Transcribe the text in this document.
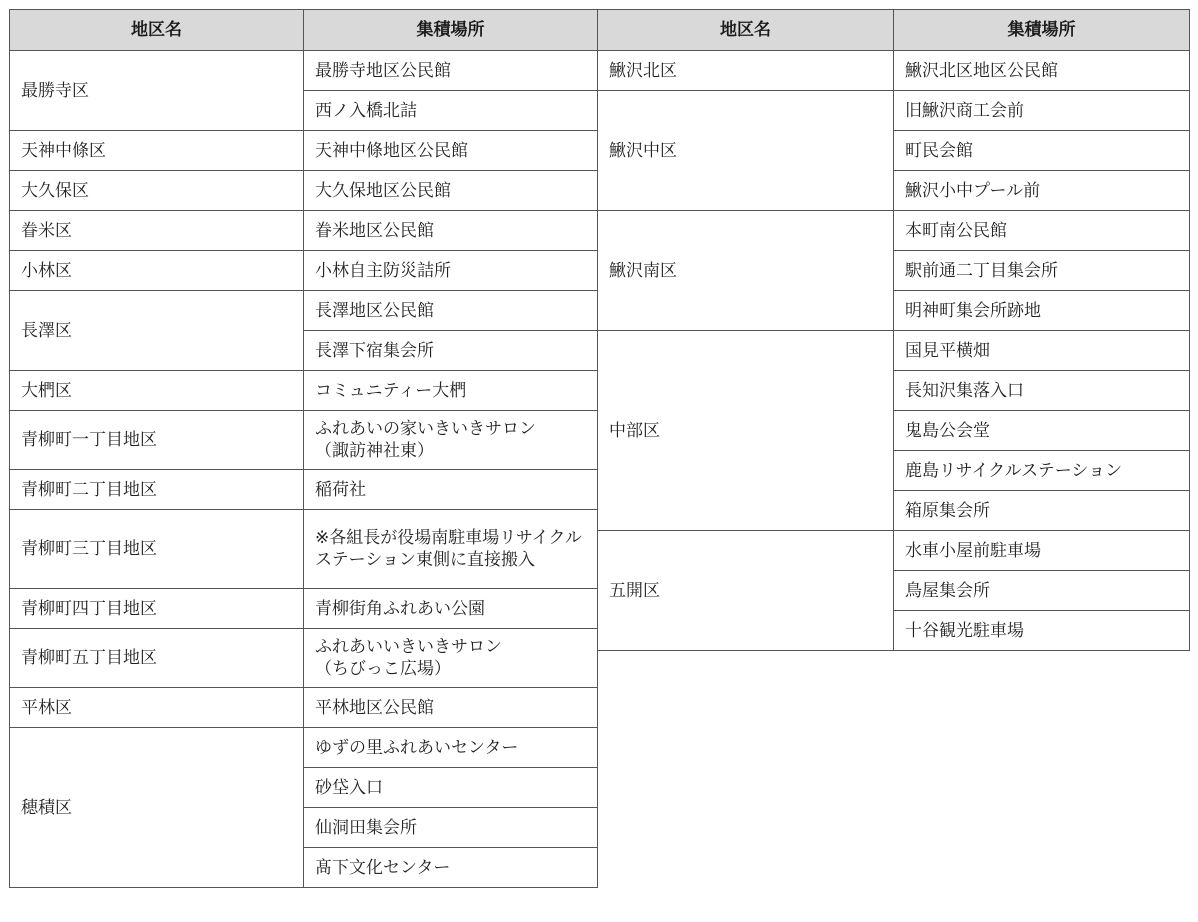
地区名	集積場所
最勝寺区	最勝寺地区公民館
	西ノ入橋北詰
天神中條区	天神中條地区公民館
大久保区	大久保地区公民館
眷米区	眷米地区公民館
小林区	小林自主防災詰所
長澤区	長澤地区公民館
	長澤下宿集会所
大椚区	コミュニティー大椚
青柳町一丁目地区	ふれあいの家いきいきサロン
（諏訪神社東）
青柳町二丁目地区	稲荷社
青柳町三丁目地区	※各組長が役場南駐車場リサイクルステーション東側に直接搬入
青柳町四丁目地区	青柳街角ふれあい公園
青柳町五丁目地区	ふれあいいきいきサロン
（ちびっこ広場）
平林区	平林地区公民館
穂積区	ゆずの里ふれあいセンター
	砂垈入口
	仙洞田集会所
	髙下文化センター
地区名	集積場所
鰍沢北区	鰍沢北区地区公民館
鰍沢中区	旧鰍沢商工会前
	町民会館
	鰍沢小中プール前
鰍沢南区	本町南公民館
	駅前通二丁目集会所
	明神町集会所跡地
中部区	国見平横畑
	長知沢集落入口
	鬼島公会堂
	鹿島リサイクルステーション
	箱原集会所
五開区	水車小屋前駐車場
	鳥屋集会所
	十谷観光駐車場
